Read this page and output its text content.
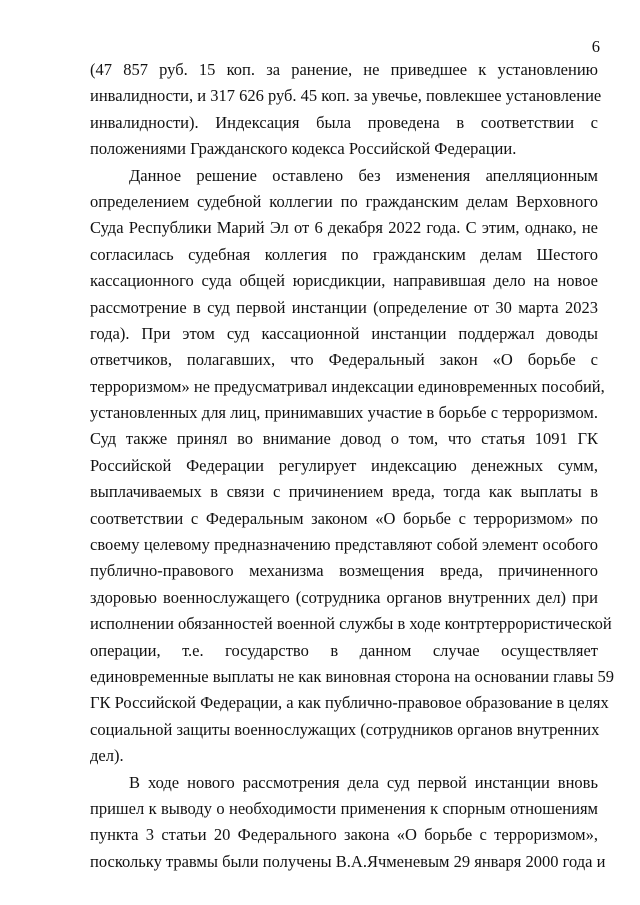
6
(47 857 руб. 15 коп. за ранение, не приведшее к установлению
инвалидности, и 317 626 руб. 45 коп. за увечье, повлекшее установление
инвалидности). Индексация была проведена в соответствии с
положениями Гражданского кодекса Российской Федерации.
Данное решение оставлено без изменения апелляционным
определением судебной коллегии по гражданским делам Верховного
Суда Республики Марий Эл от 6 декабря 2022 года. С этим, однако, не
согласилась судебная коллегия по гражданским делам Шестого
кассационного суда общей юрисдикции, направившая дело на новое
рассмотрение в суд первой инстанции (определение от 30 марта 2023
года). При этом суд кассационной инстанции поддержал доводы
ответчиков, полагавших, что Федеральный закон «О борьбе с
терроризмом» не предусматривал индексации единовременных пособий,
установленных для лиц, принимавших участие в борьбе с терроризмом.
Суд также принял во внимание довод о том, что статья 1091 ГК
Российской Федерации регулирует индексацию денежных сумм,
выплачиваемых в связи с причинением вреда, тогда как выплаты в
соответствии с Федеральным законом «О борьбе с терроризмом» по
своему целевому предназначению представляют собой элемент особого
публично-правового механизма возмещения вреда, причиненного
здоровью военнослужащего (сотрудника органов внутренних дел) при
исполнении обязанностей военной службы в ходе контртеррористической
операции, т.е. государство в данном случае осуществляет
единовременные выплаты не как виновная сторона на основании главы 59
ГК Российской Федерации, а как публично-правовое образование в целях
социальной защиты военнослужащих (сотрудников органов внутренних
дел).
В ходе нового рассмотрения дела суд первой инстанции вновь
пришел к выводу о необходимости применения к спорным отношениям
пункта 3 статьи 20 Федерального закона «О борьбе с терроризмом»,
поскольку травмы были получены В.А.Ячменевым 29 января 2000 года и
